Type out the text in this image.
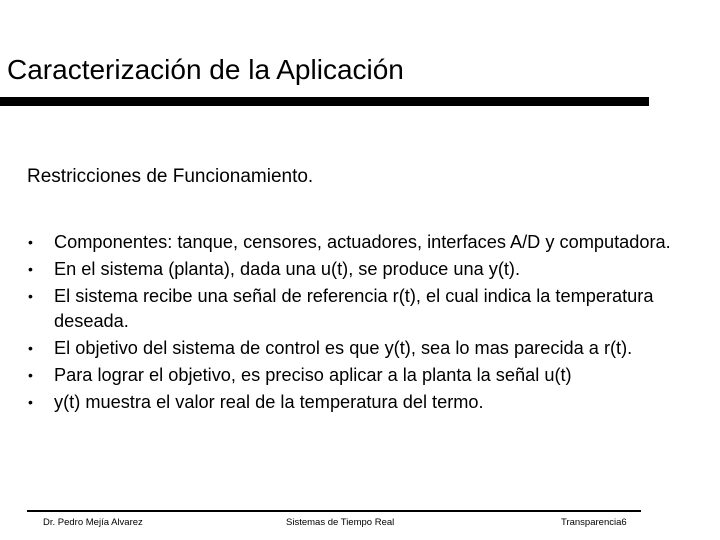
Caracterización de la Aplicación
Restricciones de Funcionamiento.
•	Componentes: tanque, censores, actuadores, interfaces A/D y computadora.
•	En el sistema (planta), dada una u(t), se produce una y(t).
•	El sistema recibe una señal de referencia r(t), el cual indica la temperatura deseada.
•	El objetivo del sistema de control es que y(t), sea lo mas parecida a r(t).
•	Para lograr el objetivo, es preciso aplicar a la planta la señal u(t)
•	y(t) muestra el valor real de la temperatura del termo.
Dr. Pedro Mejía Alvarez	Sistemas de Tiempo Real	Transparencia6
